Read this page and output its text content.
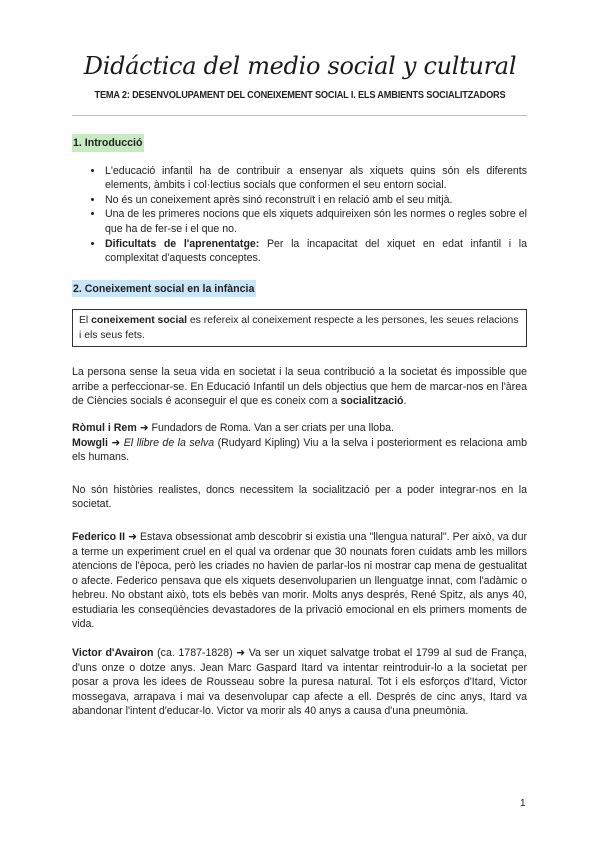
Didáctica del medio social y cultural
TEMA 2: DESENVOLUPAMENT DEL CONEIXEMENT SOCIAL I. ELS AMBIENTS SOCIALITZADORS
1. Introducció
• L'educació infantil ha de contribuir a ensenyar als xiquets quins són els diferents elements, àmbits i col·lectius socials que conformen el seu entorn social.
• No és un coneixement après sinó reconstruït i en relació amb el seu mitjà.
• Una de les primeres nocions que els xiquets adquireixen són les normes o regles sobre el que ha de fer-se i el que no.
• Dificultats de l'aprenentatge: Per la incapacitat del xiquet en edat infantil i la complexitat d'aquests conceptes.
2. Coneixement social en la infància
El coneixement social es refereix al coneixement respecte a les persones, les seues relacions i els seus fets.

La persona sense la seua vida en societat i la seua contribució a la societat és impossible que arribe a perfeccionar-se. En Educació Infantil un dels objectius que hem de marcar-nos en l'àrea de Ciències socials é aconseguir el que es coneix com a socialització.

Ròmul i Rem ➜ Fundadors de Roma. Van a ser criats per una lloba.

Mowgli ➜ El llibre de la selva (Rudyard Kipling) Viu a la selva i posteriorment es relaciona amb els humans.

No són històries realistes, doncs necessitem la socialització per a poder integrar-nos en la societat.

Federico II ➜ Estava obsessionat amb descobrir si existia una "llengua natural". Per això, va dur a terme un experiment cruel en el qual va ordenar que 30 nounats foren cuidats amb les millors atencions de l'època, però les criades no havien de parlar-los ni mostrar cap mena de gestualitat o afecte. Federico pensava que els xiquets desenvoluparien un llenguatge innat, com l'adàmic o hebreu. No obstant això, tots els bebès van morir. Molts anys després, René Spitz, als anys 40, estudiaria les conseqüències devastadores de la privació emocional en els primers moments de vida.

Victor d'Avairon (ca. 1787-1828) ➜ Va ser un xiquet salvatge trobat el 1799 al sud de França, d'uns onze o dotze anys. Jean Marc Gaspard Itard va intentar reintroduir-lo a la societat per posar a prova les idees de Rousseau sobre la puresa natural. Tot i els esforços d'Itard, Victor mossegava, arrapava i mai va desenvolupar cap afecte a ell. Després de cinc anys, Itard va abandonar l'intent d'educar-lo. Victor va morir als 40 anys a causa d'una pneumònia.

1
